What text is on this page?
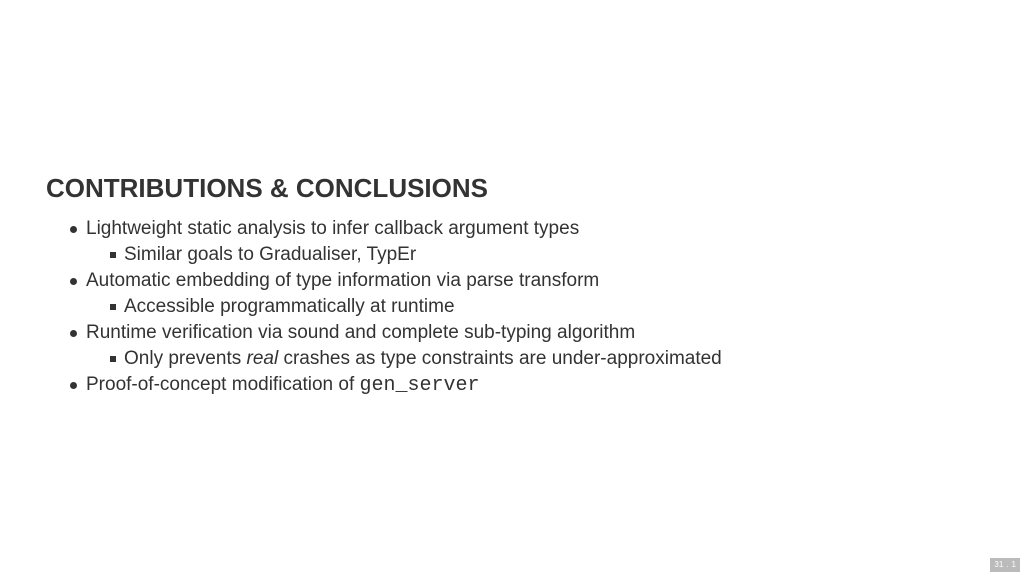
CONTRIBUTIONS & CONCLUSIONS
Lightweight static analysis to infer callback argument types
Similar goals to Gradualiser, TypEr
Automatic embedding of type information via parse transform
Accessible programmatically at runtime
Runtime verification via sound and complete sub-typing algorithm
Only prevents real crashes as type constraints are under-approximated
Proof-of-concept modification of gen_server
31 . 1
